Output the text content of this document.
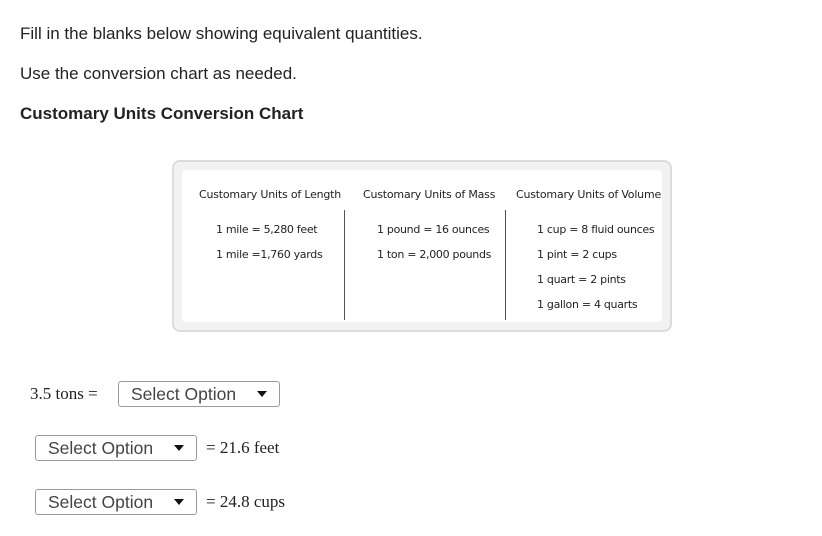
Fill in the blanks below showing equivalent quantities.
Use the conversion chart as needed.
Customary Units Conversion Chart
Customary Units of Length
1 mile = 5,280 feet
1 mile =1,760 yards
Customary Units of Mass
1 pound = 16 ounces
1 ton = 2,000 pounds
Customary Units of Volume
1 cup = 8 fluid ounces
1 pint = 2 cups
1 quart = 2 pints
1 gallon = 4 quarts
3.5 tons = Select Option
Select Option	= 21.6 feet
Select Option	= 24.8 cups
